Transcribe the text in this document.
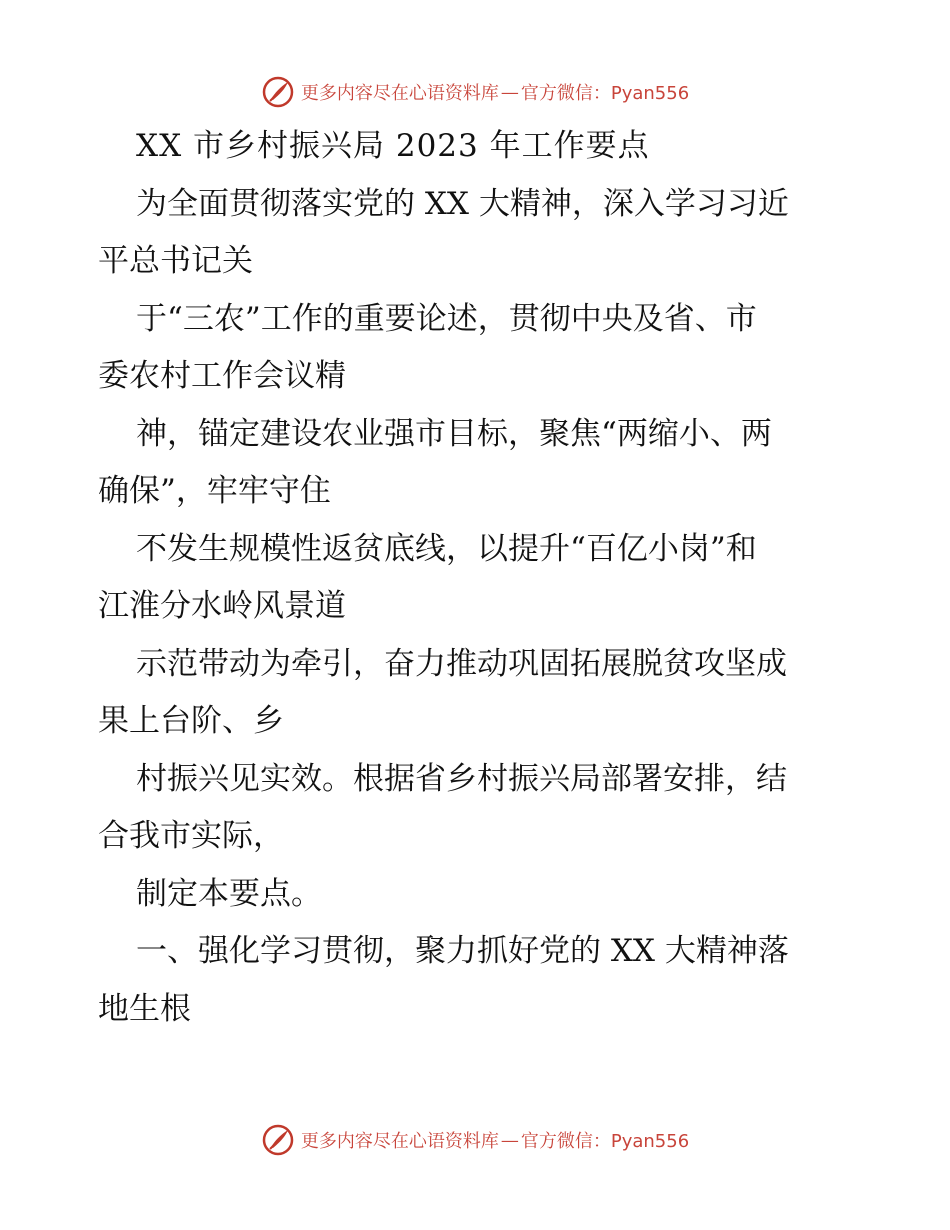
更多内容尽在心语资料库 — 官方微信：Pyan556
XX 市乡村振兴局 2023 年工作要点
为全面贯彻落实党的 XX 大精神，深入学习习近
平总书记关
于“三农”工作的重要论述，贯彻中央及省、市
委农村工作会议精
神，锚定建设农业强市目标，聚焦“两缩小、两
确保”，牢牢守住
不发生规模性返贫底线，以提升“百亿小岗”和
江淮分水岭风景道
示范带动为牵引，奋力推动巩固拓展脱贫攻坚成
果上台阶、乡
村振兴见实效。根据省乡村振兴局部署安排，结
合我市实际，
制定本要点。
一、强化学习贯彻，聚力抓好党的 XX 大精神落
地生根
更多内容尽在心语资料库 — 官方微信：Pyan556
